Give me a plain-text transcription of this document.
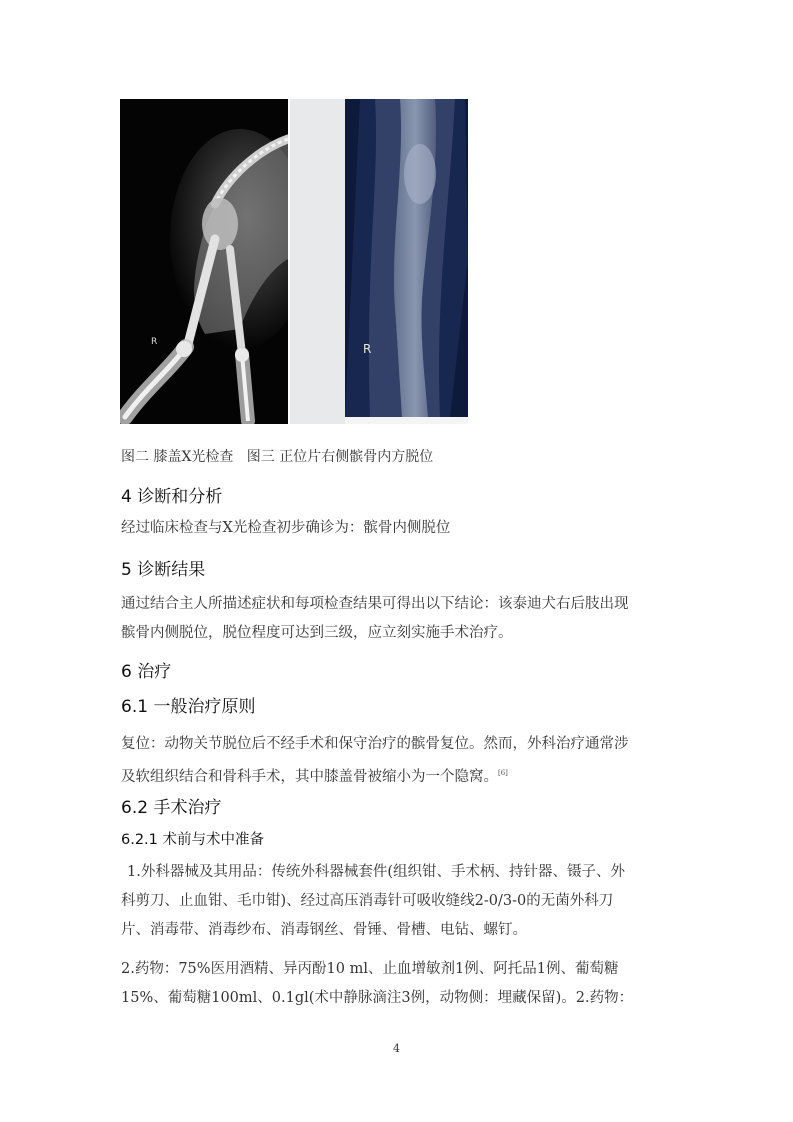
R	R
图二 膝盖X光检查   图三 正位片右侧髌骨内方脱位
4 诊断和分析
经过临床检查与X光检查初步确诊为：髌骨内侧脱位
5 诊断结果
通过结合主人所描述症状和每项检查结果可得出以下结论：该泰迪犬右后肢出现
髌骨内侧脱位，脱位程度可达到三级，应立刻实施手术治疗。
6 治疗
6.1 一般治疗原则
复位：动物关节脱位后不经手术和保守治疗的髌骨复位。然而，外科治疗通常涉
及软组织结合和骨科手术，其中膝盖骨被缩小为一个隐窝。[6]
6.2 手术治疗
6.2.1 术前与术中准备
1.外科器械及其用品：传统外科器械套件(组织钳、手术柄、持针器、镊子、外
科剪刀、止血钳、毛巾钳)、经过高压消毒针可吸收缝线2-0/3-0的无菌外科刀
片、消毒带、消毒纱布、消毒钢丝、骨锤、骨槽、电钻、螺钉。
2.药物：75%医用酒精、异丙酚10 ml、止血增敏剂1例、阿托品1例、葡萄糖
15%、葡萄糖100ml、0.1gl(术中静脉滴注3例，动物侧：埋藏保留)。2.药物：
4
